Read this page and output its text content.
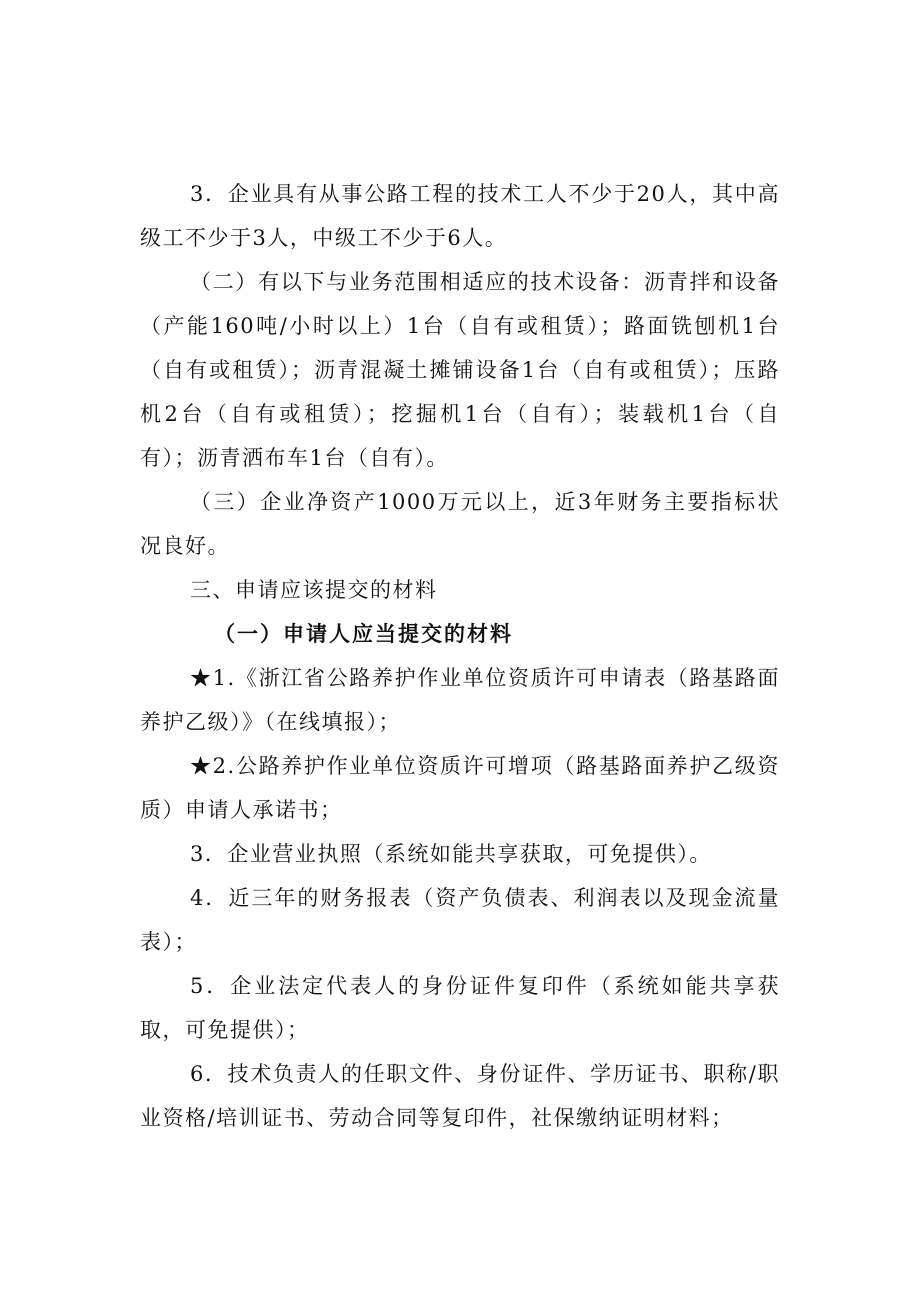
3．企业具有从事公路工程的技术工人不少于20人，其中高级工不少于3人，中级工不少于6人。

（二）有以下与业务范围相适应的技术设备：沥青拌和设备（产能160吨/小时以上）1台（自有或租赁）；路面铣刨机1台（自有或租赁）；沥青混凝土摊铺设备1台（自有或租赁）；压路机2台（自有或租赁）；挖掘机1台（自有）；装载机1台（自有）；沥青洒布车1台（自有）。

（三）企业净资产1000万元以上，近3年财务主要指标状况良好。

三、申请应该提交的材料

（一）申请人应当提交的材料

★1.《浙江省公路养护作业单位资质许可申请表（路基路面养护乙级）》（在线填报）；

★2.公路养护作业单位资质许可增项（路基路面养护乙级资质）申请人承诺书；

3．企业营业执照（系统如能共享获取，可免提供）。

4．近三年的财务报表（资产负债表、利润表以及现金流量表）；

5．企业法定代表人的身份证件复印件（系统如能共享获取，可免提供）；

6．技术负责人的任职文件、身份证件、学历证书、职称/职业资格/培训证书、劳动合同等复印件，社保缴纳证明材料；
